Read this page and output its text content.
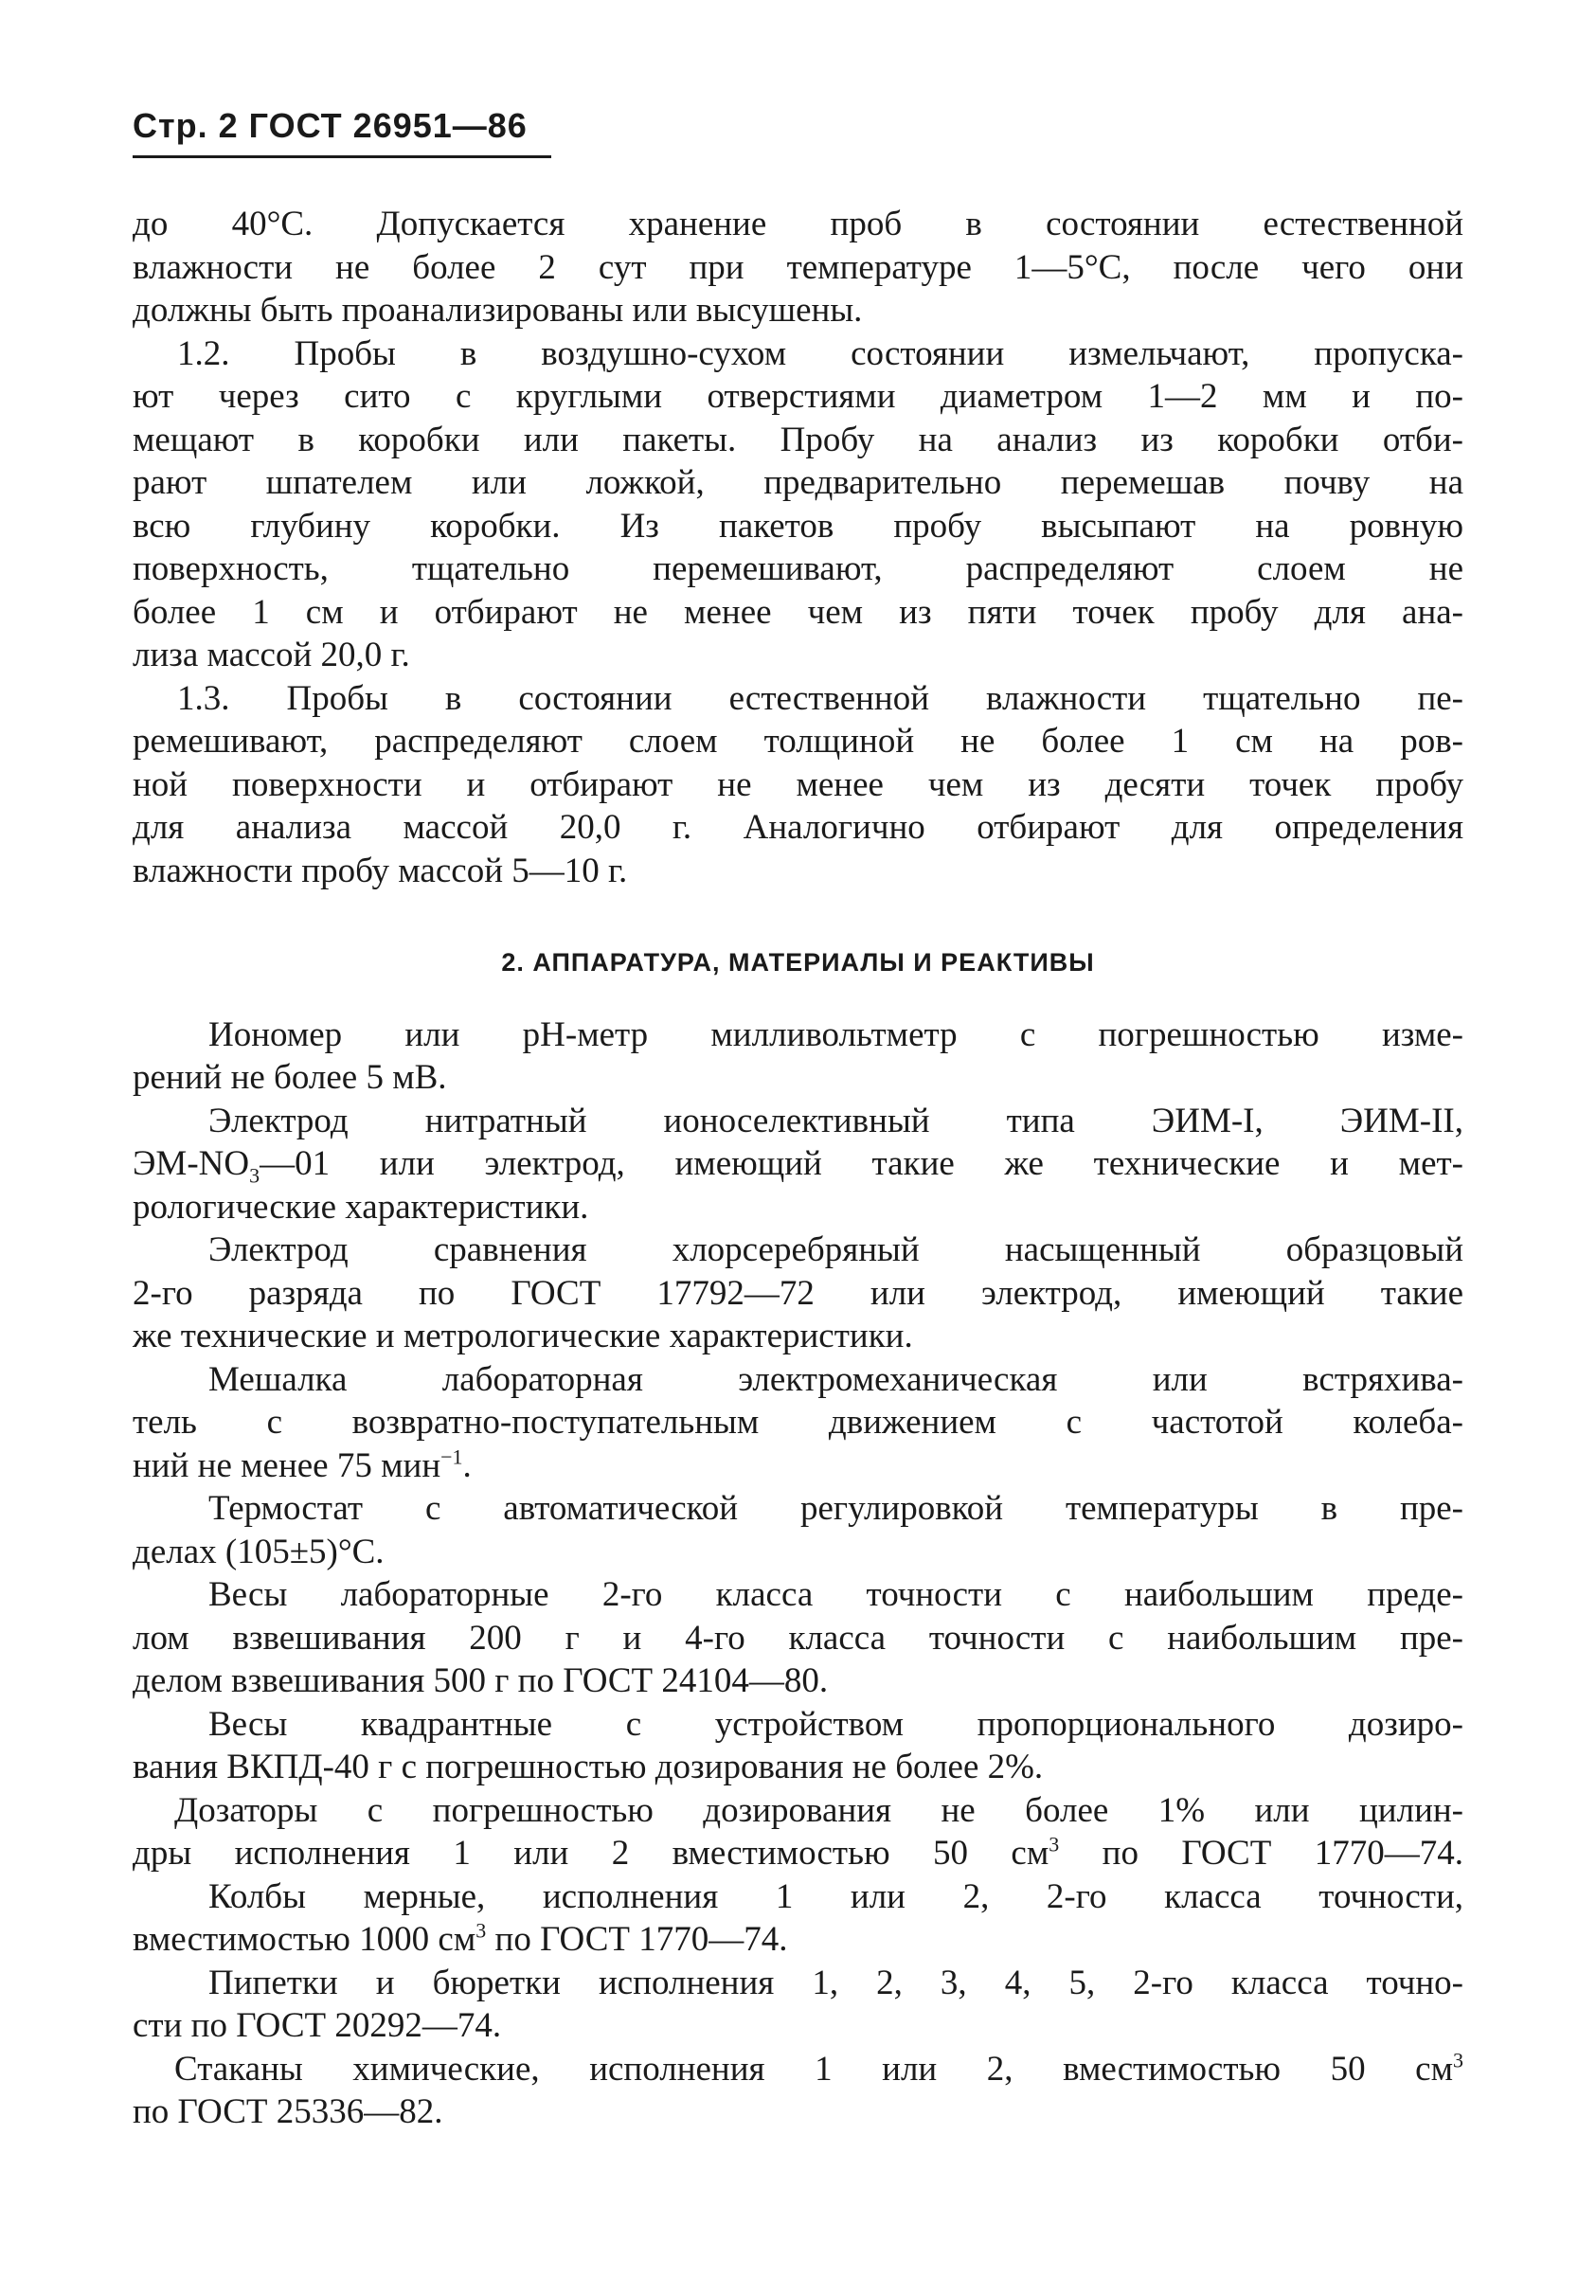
Стр. 2 ГОСТ 26951—86
до 40°С. Допускается хранение проб в состоянии естественной
влажности не более 2 сут при температуре 1—5°С, после чего они
должны быть проанализированы или высушены.
1.2. Пробы в воздушно-сухом состоянии измельчают, пропуска-
ют через сито с круглыми отверстиями диаметром 1—2 мм и по-
мещают в коробки или пакеты. Пробу на анализ из коробки отби-
рают шпателем или ложкой, предварительно перемешав почву на
всю глубину коробки. Из пакетов пробу высыпают на ровную
поверхность, тщательно перемешивают, распределяют слоем не
более 1 см и отбирают не менее чем из пяти точек пробу для ана-
лиза массой 20,0 г.
1.3. Пробы в состоянии естественной влажности тщательно пе-
ремешивают, распределяют слоем толщиной не более 1 см на ров-
ной поверхности и отбирают не менее чем из десяти точек пробу
для анализа массой 20,0 г. Аналогично отбирают для определения
влажности пробу массой 5—10 г.
2. АППАРАТУРА, МАТЕРИАЛЫ И РЕАКТИВЫ
Иономер или рН-метр милливольтметр с погрешностью изме-
рений не более 5 мВ.
Электрод нитратный ионоселективный типа ЭИМ-I, ЭИМ-II,
$ЭМ-NO_3—01$ или электрод, имеющий такие же технические и мет-
рологические характеристики.
Электрод сравнения хлорсеребряный насыщенный образцовый
2-го разряда по ГОСТ 17792—72 или электрод, имеющий такие
же технические и метрологические характеристики.
Мешалка лабораторная электромеханическая или встряхива-
тель с возвратно-поступательным движением с частотой колеба-
ний не менее 75 мин$^{-1}$.
Термостат с автоматической регулировкой температуры в пре-
делах (105±5)°С.
Весы лабораторные 2-го класса точности с наибольшим преде-
лом взвешивания 200 г и 4-го класса точности с наибольшим пре-
делом взвешивания 500 г по ГОСТ 24104—80.
Весы квадрантные с устройством пропорционального дозиро-
вания ВКПД-40 г с погрешностью дозирования не более 2%.
Дозаторы с погрешностью дозирования не более 1% или цилин-
дры исполнения 1 или 2 вместимостью 50 $см^3$ по ГОСТ 1770—74.
Колбы мерные, исполнения 1 или 2, 2-го класса точности,
вместимостью 1000 $см^3$ по ГОСТ 1770—74.
Пипетки и бюретки исполнения 1, 2, 3, 4, 5, 2-го класса точно-
сти по ГОСТ 20292—74.
Стаканы химические, исполнения 1 или 2, вместимостью 50 $см^3$
по ГОСТ 25336—82.
